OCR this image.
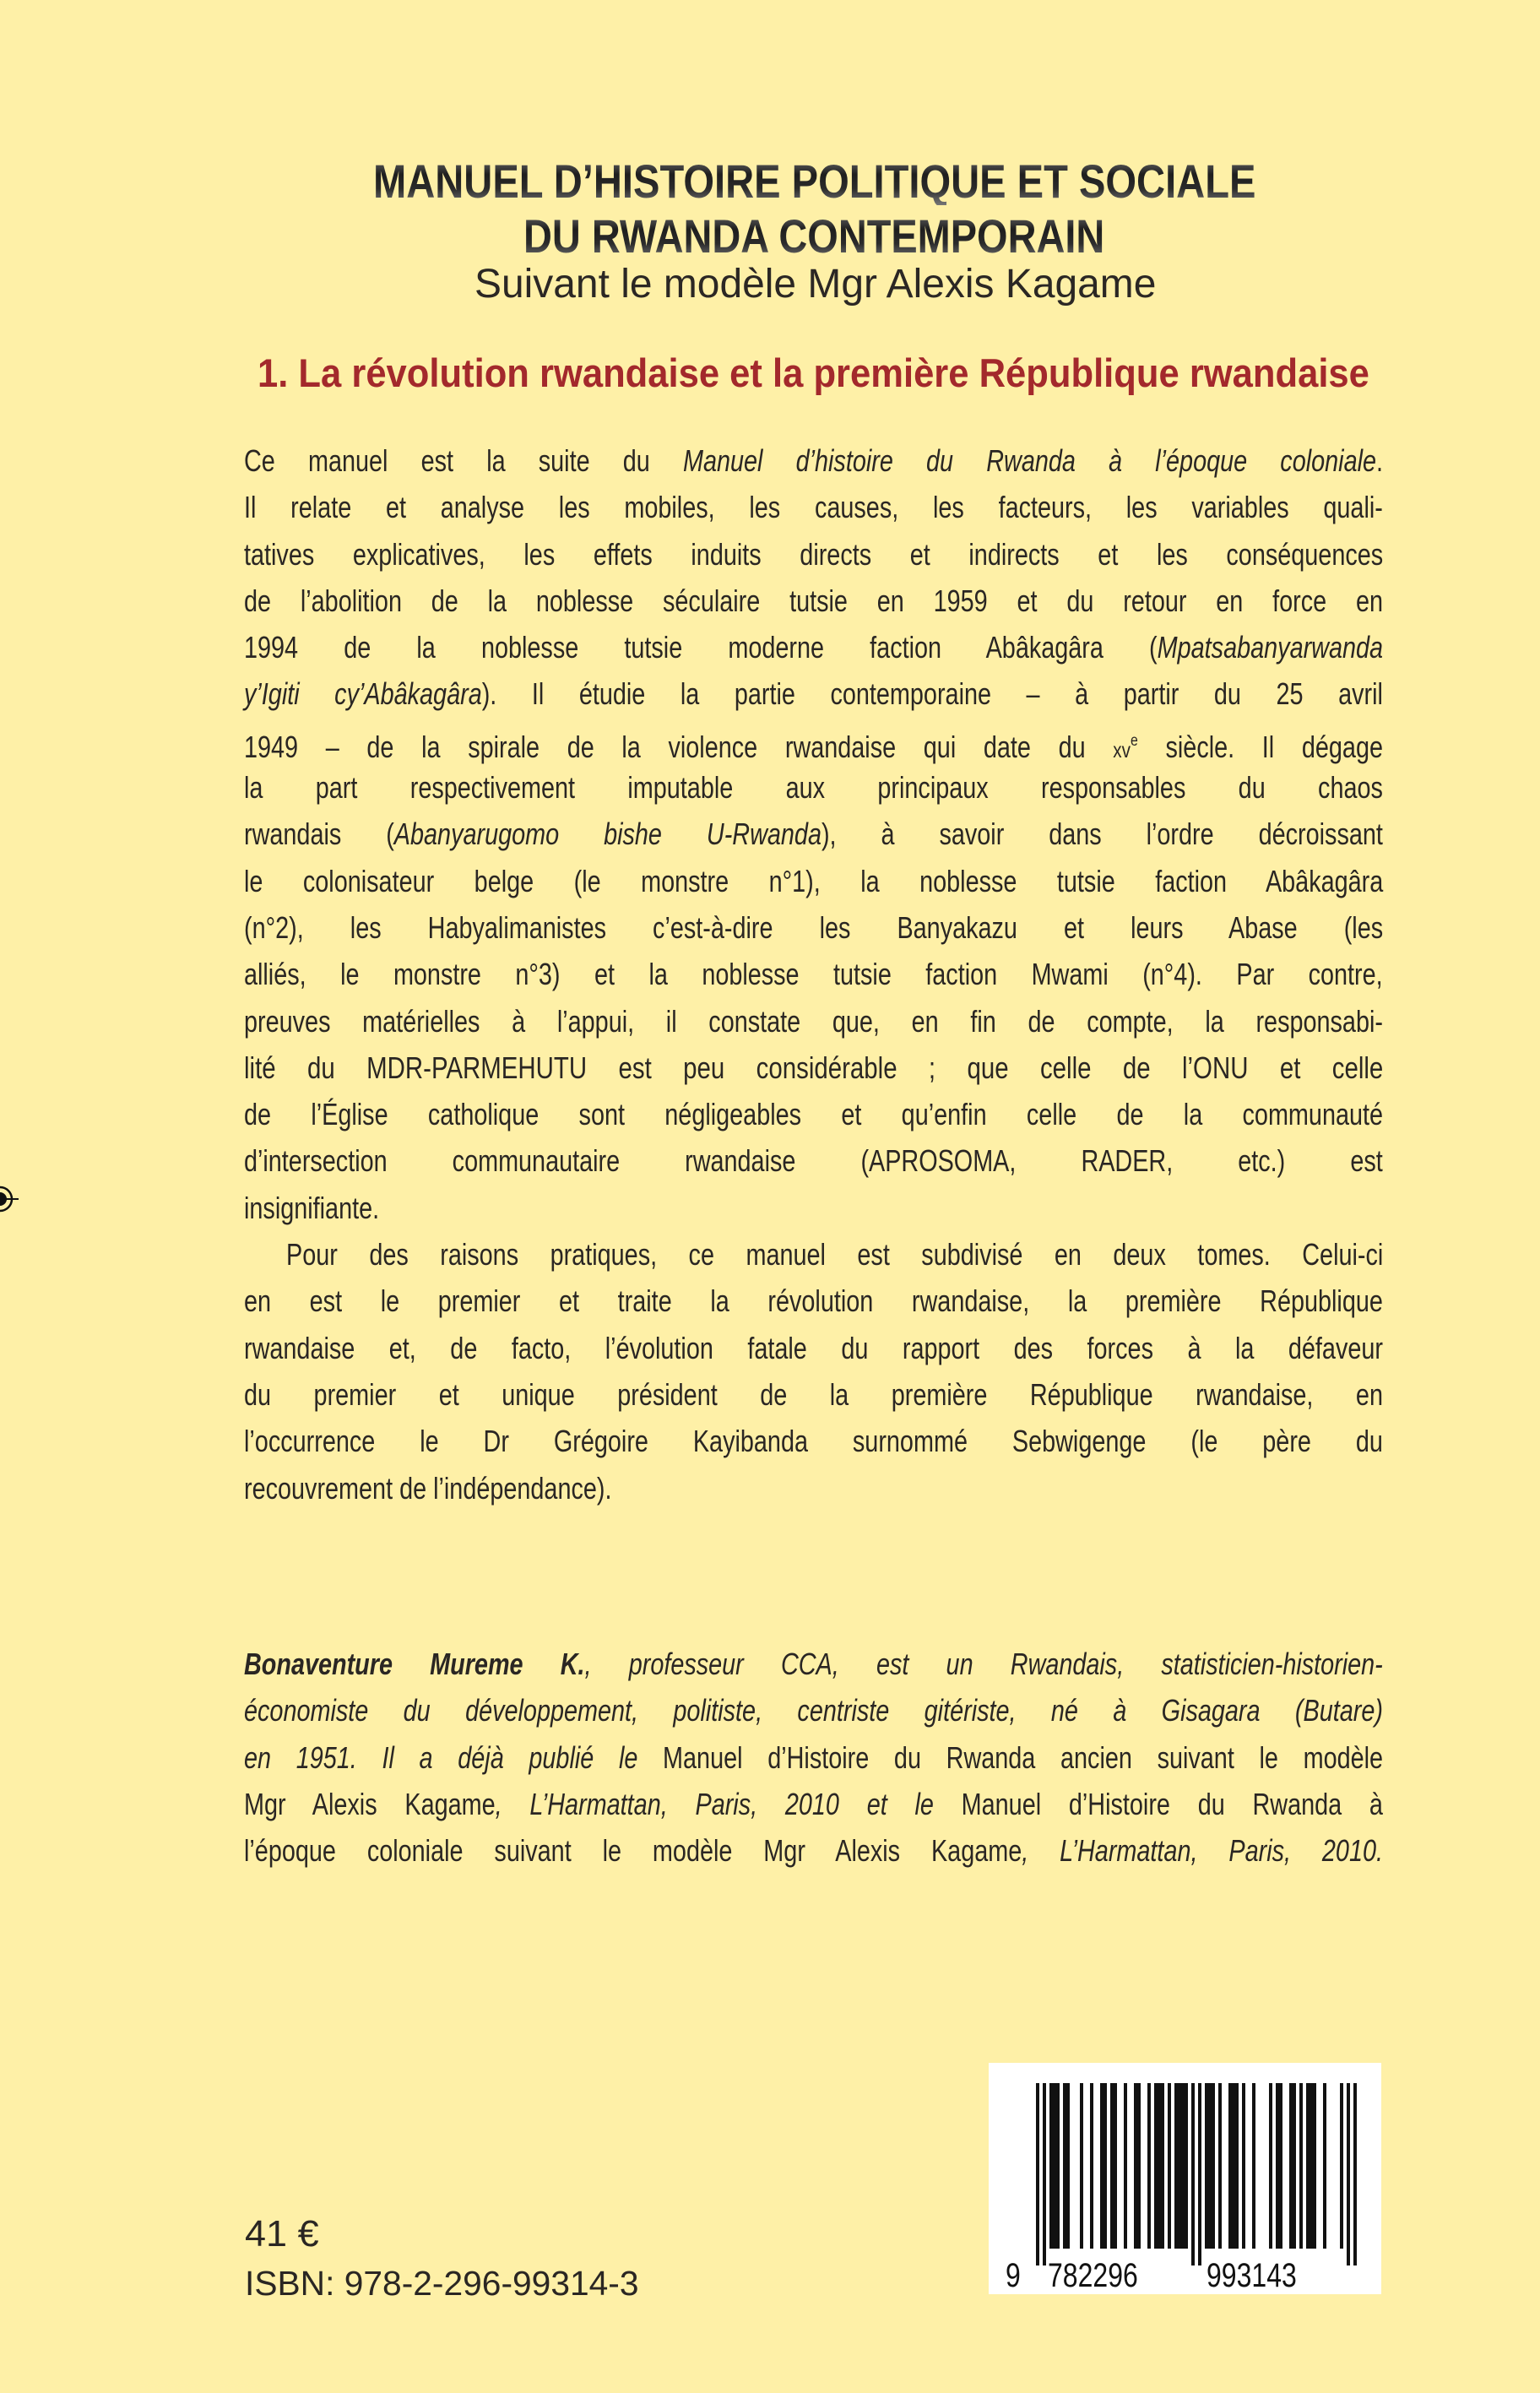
MANUEL D’HISTOIRE POLITIQUE ET SOCIALE
DU RWANDA CONTEMPORAIN
Suivant le modèle Mgr Alexis Kagame
1. La révolution rwandaise et la première République rwandaise
Ce manuel est la suite du Manuel d’histoire du Rwanda à l’époque coloniale.
Il relate et analyse les mobiles, les causes, les facteurs, les variables quali-
tatives explicatives, les effets induits directs et indirects et les conséquences
de l’abolition de la noblesse séculaire tutsie en 1959 et du retour en force en
1994 de la noblesse tutsie moderne faction Abâkagâra (Mpatsabanyarwanda
y’Igiti cy’Abâkagâra). Il étudie la partie contemporaine – à partir du 25 avril
1949 – de la spirale de la violence rwandaise qui date du $xv^e$ siècle. Il dégage
la part respectivement imputable aux principaux responsables du chaos
rwandais (Abanyarugomo bishe U-Rwanda), à savoir dans l’ordre décroissant
le colonisateur belge (le monstre n°1), la noblesse tutsie faction Abâkagâra
(n°2), les Habyalimanistes c’est-à-dire les Banyakazu et leurs Abase (les
alliés, le monstre n°3) et la noblesse tutsie faction Mwami (n°4). Par contre,
preuves matérielles à l’appui, il constate que, en fin de compte, la responsabi-
lité du MDR-PARMEHUTU est peu considérable ; que celle de l’ONU et celle
de l’Église catholique sont négligeables et qu’enfin celle de la communauté
d’intersection communautaire rwandaise (APROSOMA, RADER, etc.) est
insignifiante.
Pour des raisons pratiques, ce manuel est subdivisé en deux tomes. Celui-ci
en est le premier et traite la révolution rwandaise, la première République
rwandaise et, de facto, l’évolution fatale du rapport des forces à la défaveur
du premier et unique président de la première République rwandaise, en
l’occurrence le Dr Grégoire Kayibanda surnommé Sebwigenge (le père du
recouvrement de l’indépendance).
Bonaventure Mureme K., professeur CCA, est un Rwandais, statisticien-historien-
économiste du développement, politiste, centriste gitériste, né à Gisagara (Butare)
en 1951. Il a déjà publié le Manuel d’Histoire du Rwanda ancien suivant le modèle
Mgr Alexis Kagame, L’Harmattan, Paris, 2010 et le Manuel d’Histoire du Rwanda à
l’époque coloniale suivant le modèle Mgr Alexis Kagame, L’Harmattan, Paris, 2010.
41 €
ISBN: 978-2-296-99314-3	9 782296 993143
